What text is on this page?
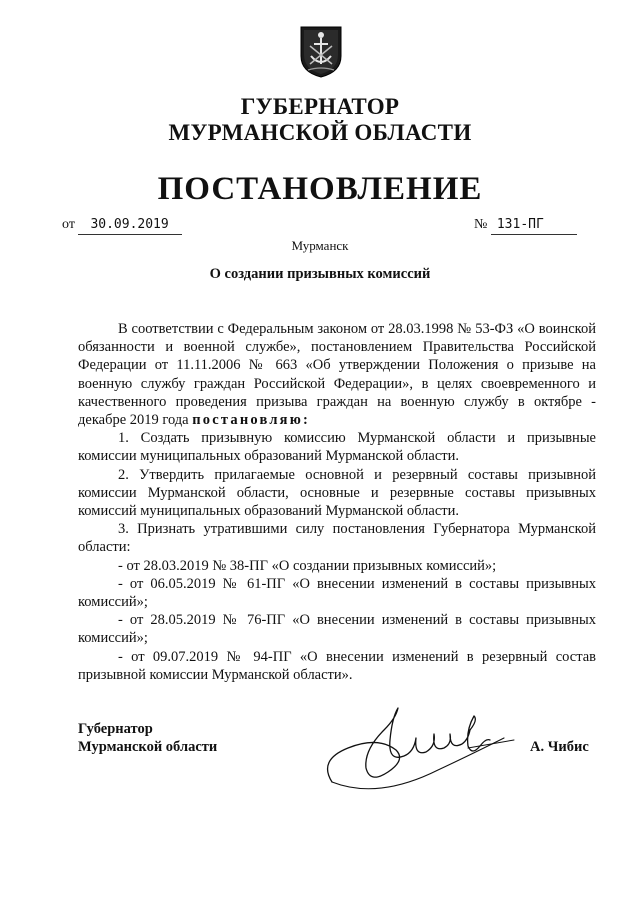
ГУБЕРНАТОР
МУРМАНСКОЙ ОБЛАСТИ
ПОСТАНОВЛЕНИЕ
от 30.09.2019	№ 131-ПГ
Мурманск
О создании призывных комиссий

В соответствии с Федеральным законом от 28.03.1998 № 53-ФЗ «О воинской обязанности и военной службе», постановлением Правительства Российской Федерации от 11.11.2006 № 663 «Об утверждении Положения о призыве на военную службу граждан Российской Федерации», в целях своевременного и качественного проведения призыва граждан на военную службу в октябре - декабре 2019 года постановляю:

1. Создать призывную комиссию Мурманской области и призывные комиссии муниципальных образований Мурманской области.

2. Утвердить прилагаемые основной и резервный составы призывной комиссии Мурманской области, основные и резервные составы призывных комиссий муниципальных образований Мурманской области.

3. Признать утратившими силу постановления Губернатора Мурманской области:

- от 28.03.2019 № 38-ПГ «О создании призывных комиссий»;

- от 06.05.2019 № 61-ПГ «О внесении изменений в составы призывных комиссий»;

- от 28.05.2019 № 76-ПГ «О внесении изменений в составы призывных комиссий»;

- от 09.07.2019 № 94-ПГ «О внесении изменений в резервный состав призывной комиссии Мурманской области».

Губернатор
Мурманской области	А. Чибис
